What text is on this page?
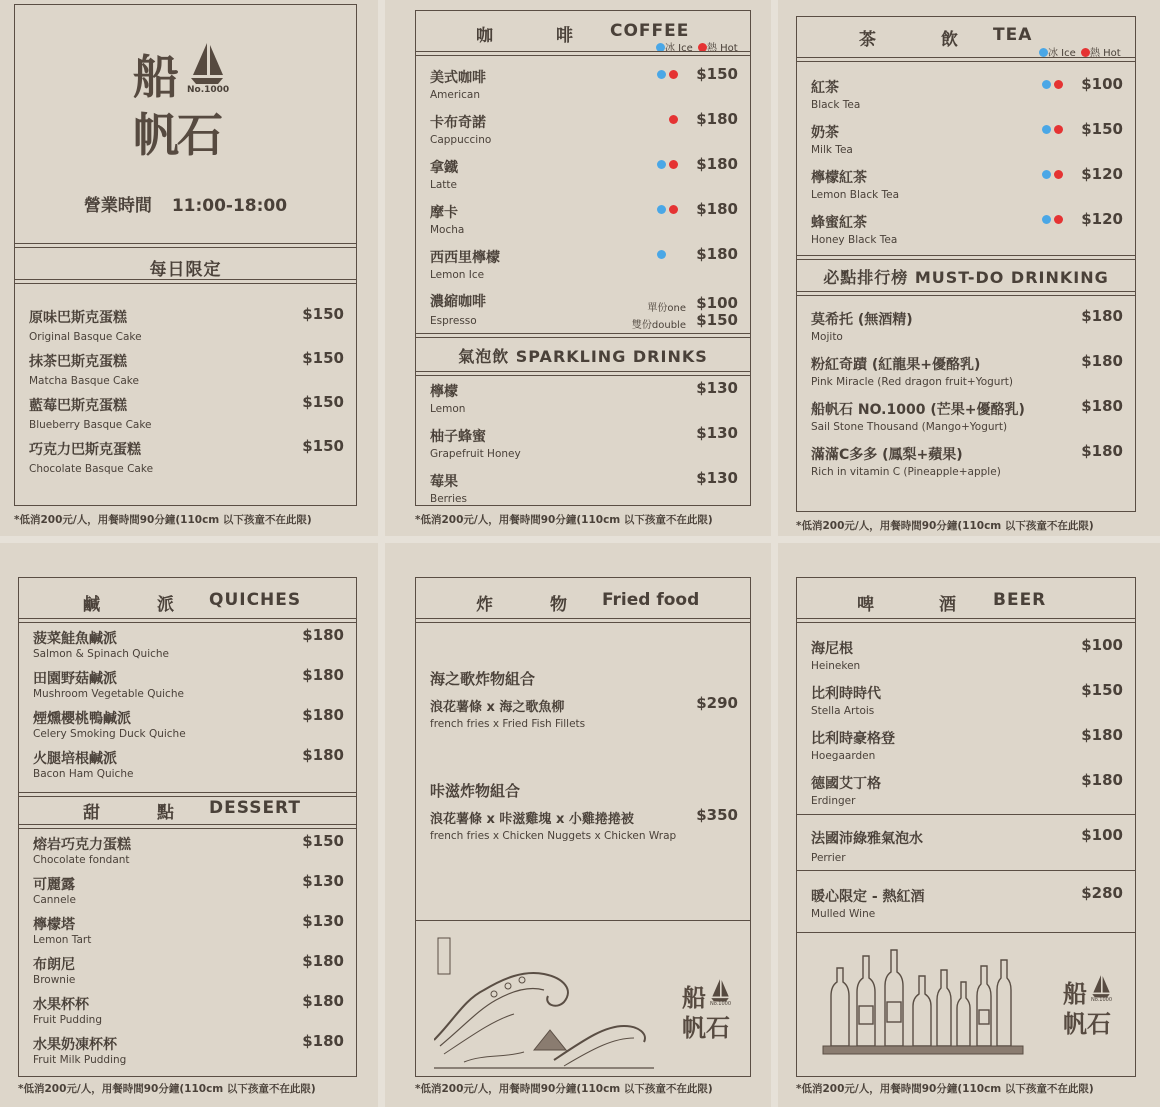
船 No.1000
帆石
營業時間 11:00-18:00
每日限定
原味巴斯克蛋糕
Original Basque Cake
$150
抹茶巴斯克蛋糕
Matcha Basque Cake
$150
藍莓巴斯克蛋糕
Blueberry Basque Cake
$150
巧克力巴斯克蛋糕
Chocolate Basque Cake
$150
*低消200元/人，用餐時間90分鐘(110cm 以下孩童不在此限)
咖	啡 COFFEE
冰 Ice 熱 Hot
美式咖啡
American
$150
卡布奇諾
Cappuccino
$180
拿鐵
Latte
$180
摩卡
Mocha
$180
西西里檸檬
Lemon Ice
$180
濃縮咖啡
Espresso
單份one $100
雙份double $150
氣泡飲 SPARKLING DRINKS
檸檬
Lemon
$130
柚子蜂蜜
Grapefruit Honey
$130
莓果
Berries
$130
*低消200元/人，用餐時間90分鐘(110cm 以下孩童不在此限)
茶	飲 TEA
冰 Ice 熱 Hot
紅茶
Black Tea
$100
奶茶
Milk Tea
$150
檸檬紅茶
Lemon Black Tea
$120
蜂蜜紅茶
Honey Black Tea
$120
必點排行榜 MUST-DO DRINKING
莫希托 (無酒精)
Mojito
$180
粉紅奇蹟 (紅龍果+優酪乳)
Pink Miracle (Red dragon fruit+Yogurt)
$180
船帆石 NO.1000 (芒果+優酪乳)
Sail Stone Thousand (Mango+Yogurt)
$180
滿滿C多多 (鳳梨+蘋果)
Rich in vitamin C (Pineapple+apple)
$180
*低消200元/人，用餐時間90分鐘(110cm 以下孩童不在此限)
鹹	派 QUICHES
菠菜鮭魚鹹派
Salmon & Spinach Quiche
$180
田園野菇鹹派
Mushroom Vegetable Quiche
$180
煙燻櫻桃鴨鹹派
Celery Smoking Duck Quiche
$180
火腿培根鹹派
Bacon Ham Quiche
$180
甜	點 DESSERT
熔岩巧克力蛋糕
Chocolate fondant
$150
可麗露
Cannele
$130
檸檬塔
Lemon Tart
$130
布朗尼
Brownie
$180
水果杯杯
Fruit Pudding
$180
水果奶凍杯杯
Fruit Milk Pudding
$180
*低消200元/人，用餐時間90分鐘(110cm 以下孩童不在此限)
炸	物 Fried food
海之歌炸物組合
浪花薯條 x 海之歌魚柳
french fries x Fried Fish Fillets
$290
咔滋炸物組合
浪花薯條 x 咔滋雞塊 x 小雞捲捲被
french fries x Chicken Nuggets x Chicken Wrap
$350
船 No.1000
帆石
*低消200元/人，用餐時間90分鐘(110cm 以下孩童不在此限)
啤	酒 BEER
海尼根
Heineken
$100
比利時時代
Stella Artois
$150
比利時豪格登
Hoegaarden
$180
德國艾丁格
Erdinger
$180
法國沛綠雅氣泡水
Perrier
$100
暖心限定 - 熱紅酒
Mulled Wine
$280
船 No.1000
帆石
*低消200元/人，用餐時間90分鐘(110cm 以下孩童不在此限)
